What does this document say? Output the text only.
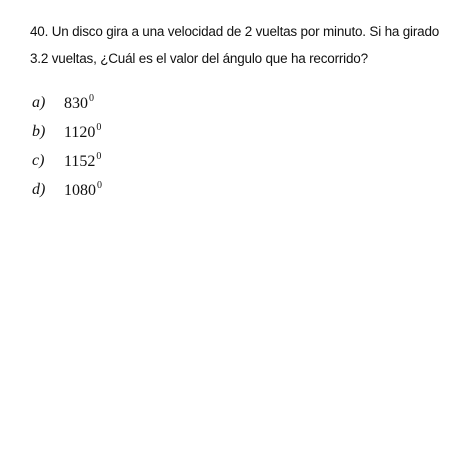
40. Un disco gira a una velocidad de 2 vueltas por minuto. Si ha girado
3.2 vueltas, ¿Cuál es el valor del ángulo que ha recorrido?
a)	$830^0$
b)	1120$^0$
c)	1152$^0$
d)	1080$^0$
